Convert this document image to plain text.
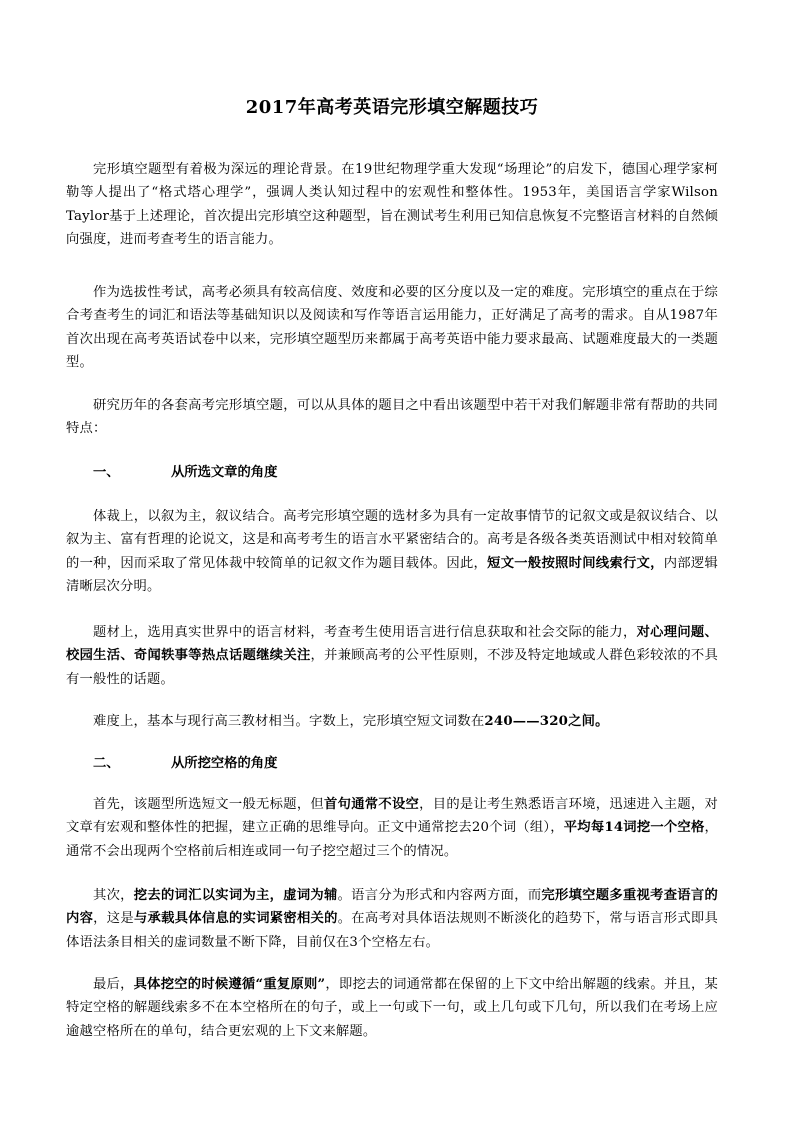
2017年高考英语完形填空解题技巧

完形填空题型有着极为深远的理论背景。在19世纪物理学重大发现“场理论”的启发下，德国心理学家柯勒等人提出了“格式塔心理学”，强调人类认知过程中的宏观性和整体性。1953年，美国语言学家Wilson Taylor基于上述理论，首次提出完形填空这种题型，旨在测试考生利用已知信息恢复不完整语言材料的自然倾向强度，进而考查考生的语言能力。

作为选拔性考试，高考必须具有较高信度、效度和必要的区分度以及一定的难度。完形填空的重点在于综合考查考生的词汇和语法等基础知识以及阅读和写作等语言运用能力，正好满足了高考的需求。自从1987年首次出现在高考英语试卷中以来，完形填空题型历来都属于高考英语中能力要求最高、试题难度最大的一类题型。

研究历年的各套高考完形填空题，可以从具体的题目之中看出该题型中若干对我们解题非常有帮助的共同特点：

一、	从所选文章的角度

体裁上，以叙为主，叙议结合。高考完形填空题的选材多为具有一定故事情节的记叙文或是叙议结合、以叙为主、富有哲理的论说文，这是和高考考生的语言水平紧密结合的。高考是各级各类英语测试中相对较简单的一种，因而采取了常见体裁中较简单的记叙文作为题目载体。因此，短文一般按照时间线索行文，内部逻辑清晰层次分明。

题材上，选用真实世界中的语言材料，考查考生使用语言进行信息获取和社会交际的能力，对心理问题、校园生活、奇闻轶事等热点话题继续关注，并兼顾高考的公平性原则，不涉及特定地域或人群色彩较浓的不具有一般性的话题。

难度上，基本与现行高三教材相当。字数上，完形填空短文词数在240——320之间。

二、	从所挖空格的角度

首先，该题型所选短文一般无标题，但首句通常不设空，目的是让考生熟悉语言环境，迅速进入主题，对文章有宏观和整体性的把握，建立正确的思维导向。正文中通常挖去20个词（组），平均每14词挖一个空格，通常不会出现两个空格前后相连或同一句子挖空超过三个的情况。

其次，挖去的词汇以实词为主，虚词为辅。语言分为形式和内容两方面，而完形填空题多重视考查语言的内容，这是与承载具体信息的实词紧密相关的。在高考对具体语法规则不断淡化的趋势下，常与语言形式即具体语法条目相关的虚词数量不断下降，目前仅在3个空格左右。

最后，具体挖空的时候遵循“重复原则”，即挖去的词通常都在保留的上下文中给出解题的线索。并且，某特定空格的解题线索多不在本空格所在的句子，或上一句或下一句，或上几句或下几句，所以我们在考场上应逾越空格所在的单句，结合更宏观的上下文来解题。
